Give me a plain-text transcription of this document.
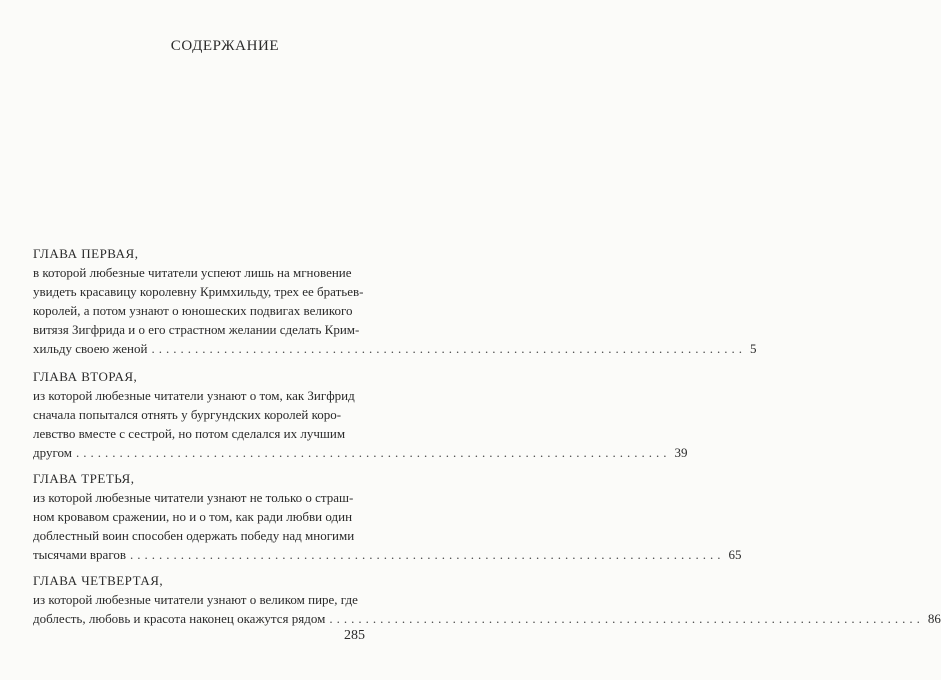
СОДЕРЖАНИЕ
ГЛАВА ПЕРВАЯ,
в которой любезные читатели успеют лишь на мгновение
увидеть красавицу королевну Кримхильду, трех ее братьев-
королей, а потом узнают о юношеских подвигах великого
витязя Зигфрида и о его страстном желании сделать Крим-
хильду своею женой .................................................................................. 5
ГЛАВА ВТОРАЯ,
из которой любезные читатели узнают о том, как Зигфрид
сначала попытался отнять у бургундских королей коро-
левство вместе с сестрой, но потом сделался их лучшим
другом .................................................................................. 39
ГЛАВА ТРЕТЬЯ,
из которой любезные читатели узнают не только о страш-
ном кровавом сражении, но и о том, как ради любви один
доблестный воин способен одержать победу над многими
тысячами врагов .................................................................................. 65
ГЛАВА ЧЕТВЕРТАЯ,
из которой любезные читатели узнают о великом пире, где
доблесть, любовь и красота наконец окажутся рядом .................................................................................. 86
285
